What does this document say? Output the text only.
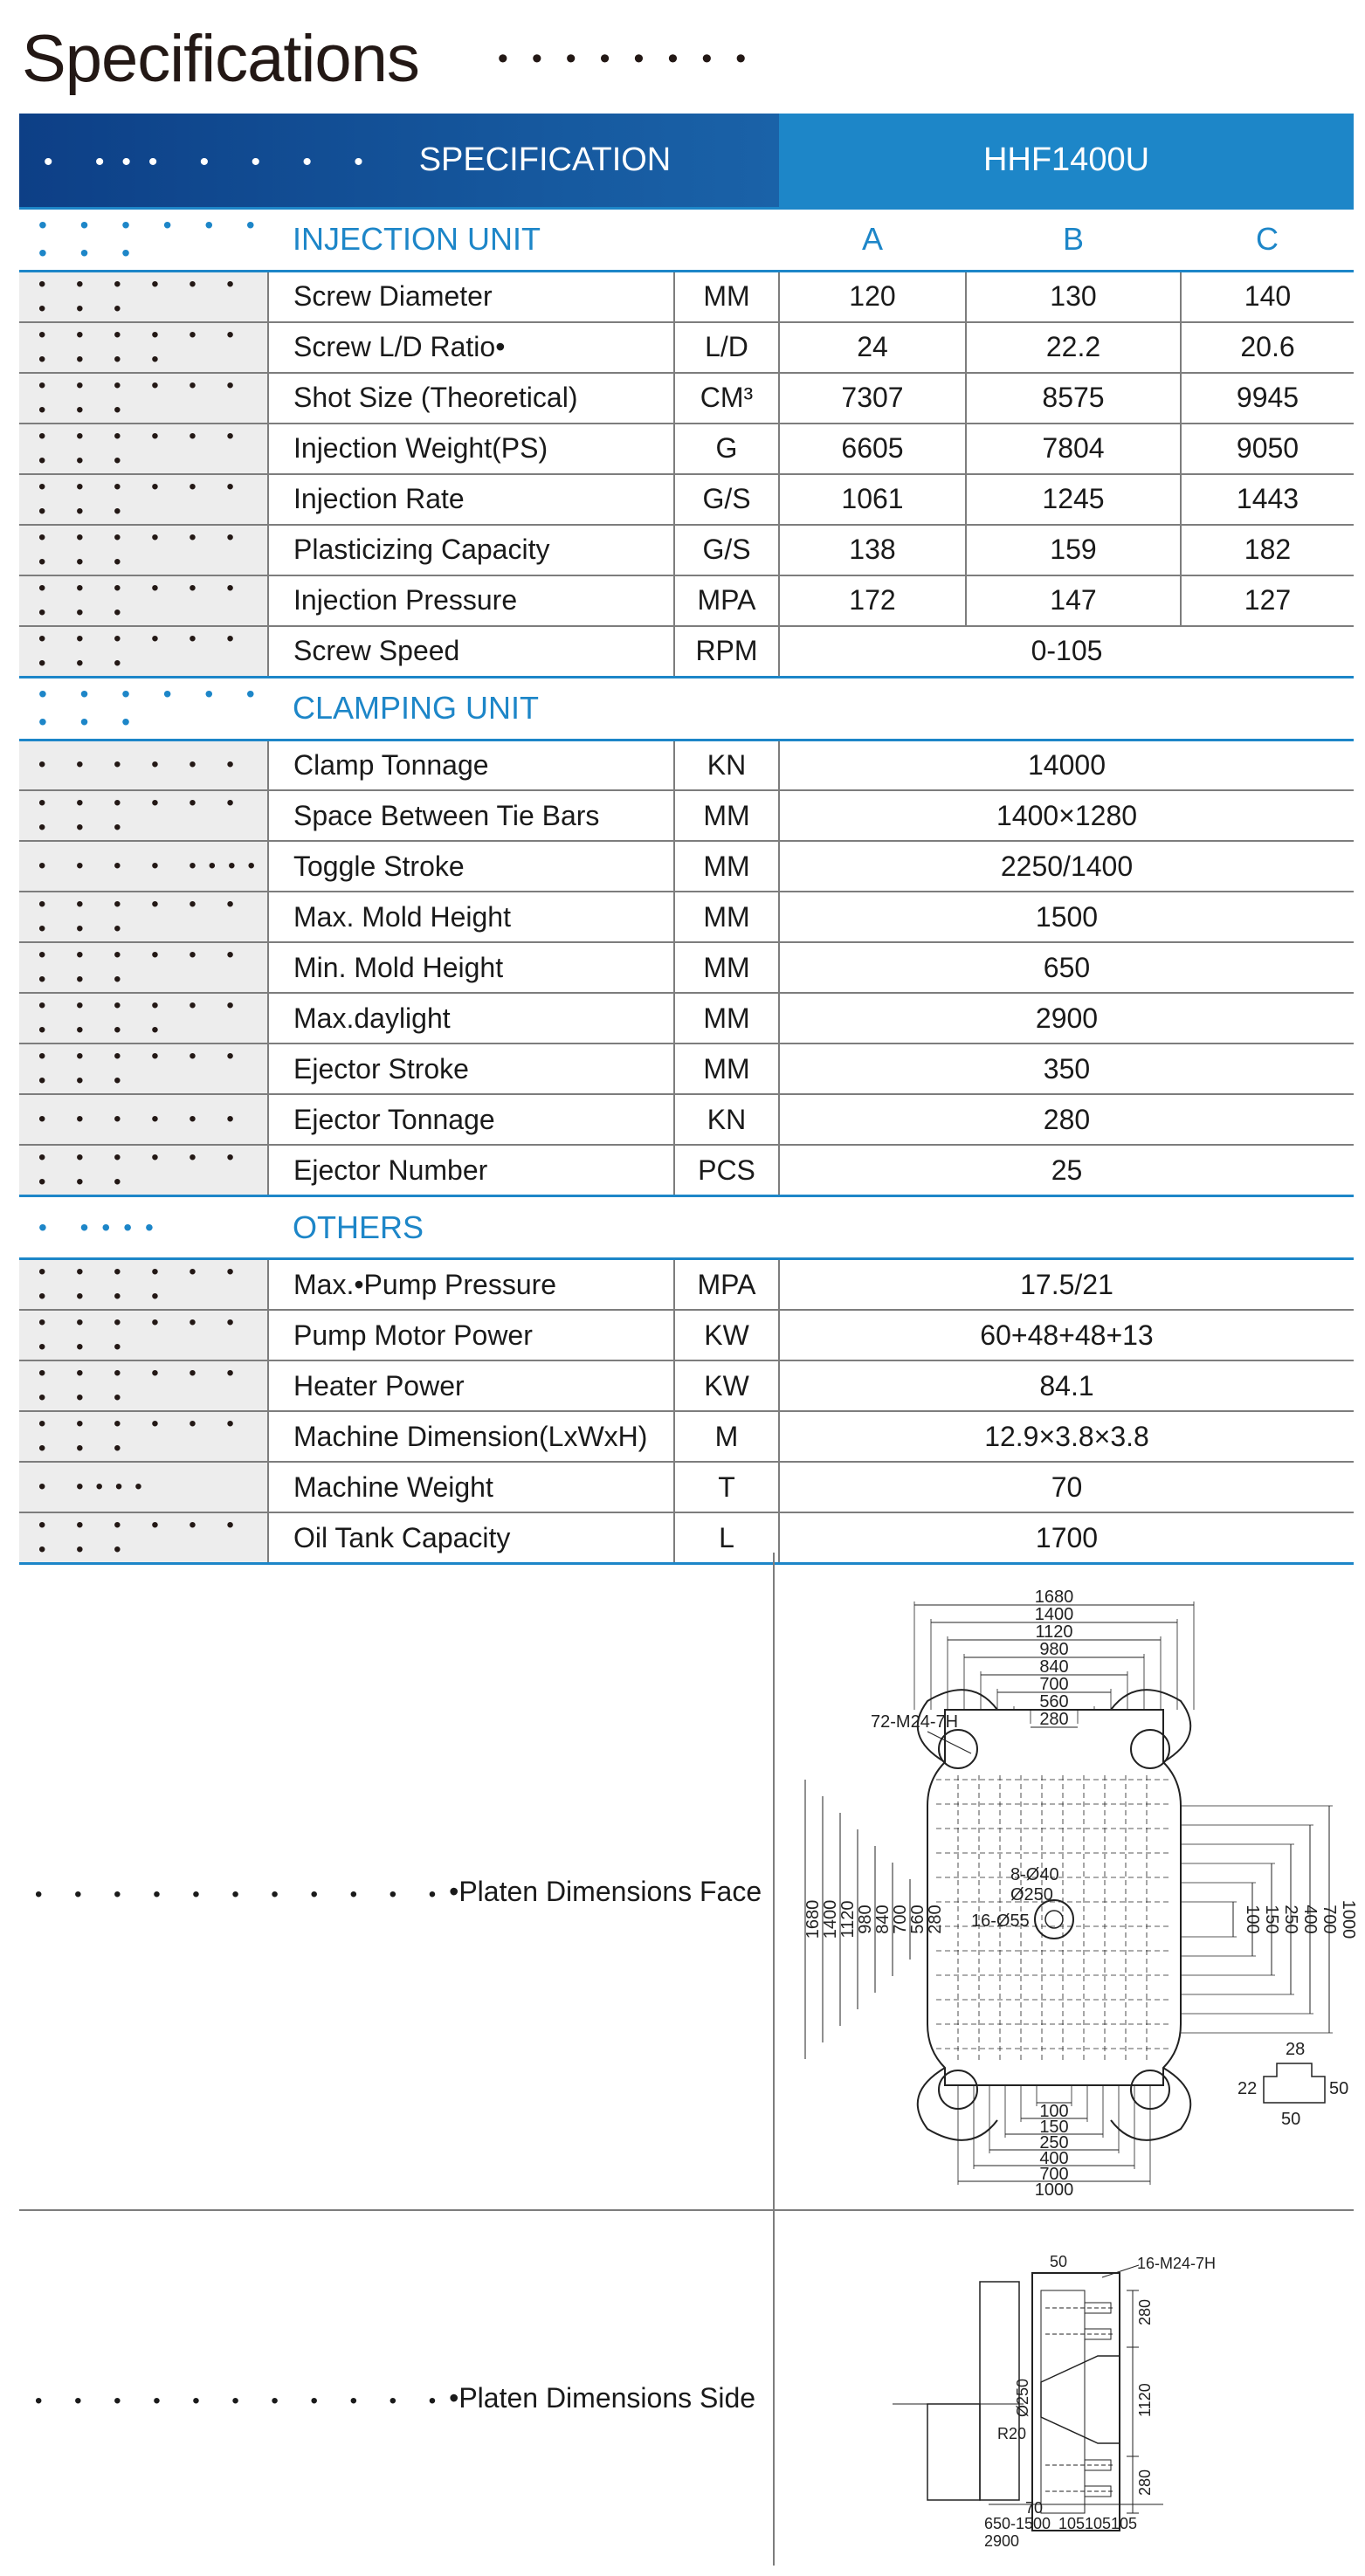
Specifications	••••••••
• ••• • • • • SPECIFICATION			HHF1400U		
• • • • • • • • •	INJECTION UNIT		A	B	C
• • • • • • • • •	Screw Diameter	MM	120	130	140
• • • • • • • • • •	Screw L/D Ratio•	L/D	24	22.2	20.6
• • • • • • • • •	Shot Size (Theoretical)	CM³	7307	8575	9945
• • • • • • • • •	Injection Weight(PS)	G	6605	7804	9050
• • • • • • • • •	Injection Rate	G/S	1061	1245	1443
• • • • • • • • •	Plasticizing Capacity	G/S	138	159	182
• • • • • • • • •	Injection Pressure	MPA	172	147	127
• • • • • • • • •	Screw Speed	RPM	0-105		
• • • • • • • • •	CLAMPING UNIT				
• • • • • •	Clamp Tonnage	KN	14000		
• • • • • • • • •	Space Between Tie Bars	MM	1400×1280		
• • • • ••••	Toggle Stroke	MM	2250/1400		
• • • • • • • • •	Max. Mold Height	MM	1500		
• • • • • • • • •	Min. Mold Height	MM	650		
• • • • • • • • • •	Max.daylight	MM	2900		
• • • • • • • • •	Ejector Stroke	MM	350		
• • • • • •	Ejector Tonnage	KN	280		
• • • • • • • • •	Ejector Number	PCS	25		
• ••••	OTHERS				
• • • • • • • • • •	Max.•Pump Pressure	MPA	17.5/21		
• • • • • • • • •	Pump Motor Power	KW	60+48+48+13		
• • • • • • • • •	Heater Power	KW	84.1		
• • • • • • • • •	Machine Dimension(LxWxH)	M	12.9×3.8×3.8		
• ••••	Machine Weight	T	70		
• • • • • • • • •	Oil Tank Capacity	L	1700		
• • • • • • • • • • ••Platen Dimensions Face
• • • • • • • • • • ••Platen Dimensions Side
1680
1400
1120
980
840
700
560
280
1680
1400
1120
980
840
700
560
280	100 150 250 400 700 1000
100
150
250
400
700
1000
72-M24-7H
8-Ø40
Ø250
16-Ø55
28
22
50
50
16-M24-7H
50
280
1120
280
Ø250
R20
70
650-1500 105 105 105
2900
